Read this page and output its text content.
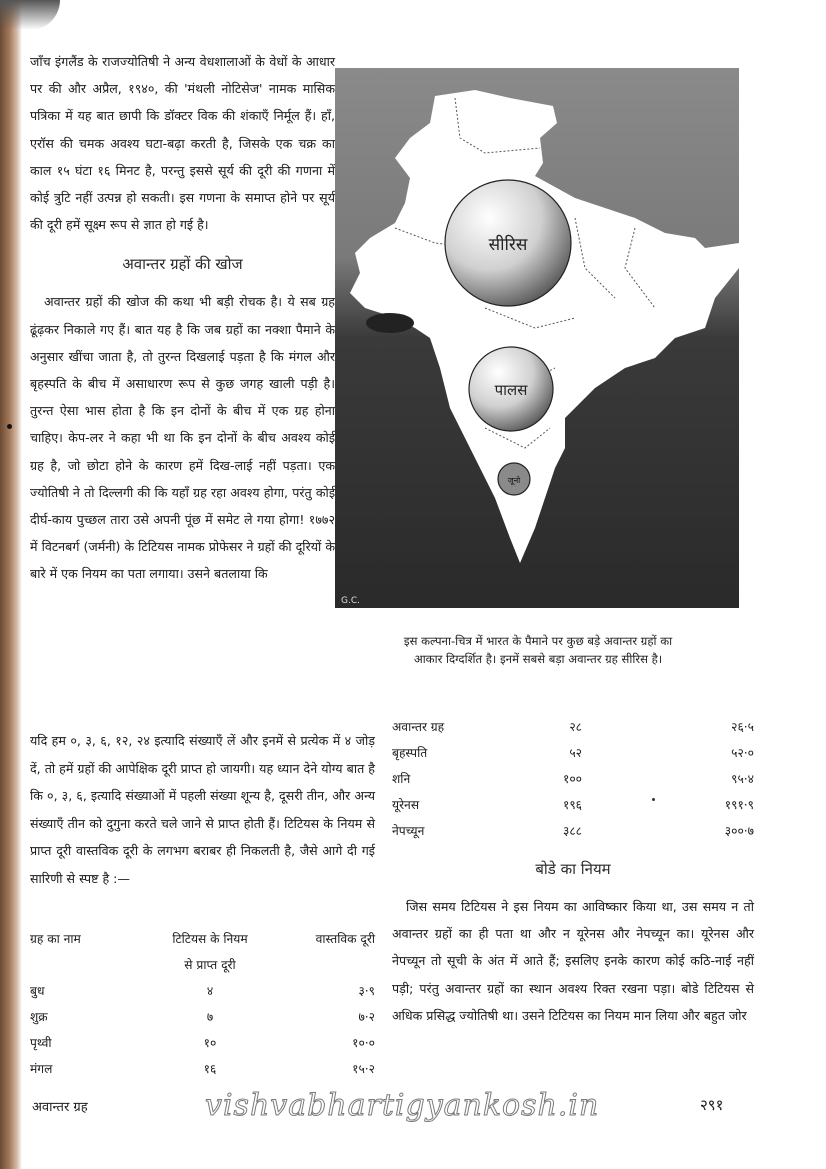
जाँच इंगलैंड के राजज्योतिषी ने अन्य वेधशालाओं के वेधों के आधार पर की और अप्रैल, १९४०, की 'मंथली नोटिसेज' नामक मासिक पत्रिका में यह बात छापी कि डॉक्टर विक की शंकाएँ निर्मूल हैं। हाँ, एरॉस की चमक अवश्य घटा-बढ़ा करती है, जिसके एक चक्र का काल १५ घंटा १६ मिनट है, परन्तु इससे सूर्य की दूरी की गणना में कोई त्रुटि नहीं उत्पन्न हो सकती। इस गणना के समाप्त होने पर सूर्य की दूरी हमें सूक्ष्म रूप से ज्ञात हो गई है।

अवान्तर ग्रहों की खोज

अवान्तर ग्रहों की खोज की कथा भी बड़ी रोचक है। ये सब ग्रह ढूंढ़कर निकाले गए हैं। बात यह है कि जब ग्रहों का नक्शा पैमाने के अनुसार खींचा जाता है, तो तुरन्त दिखलाई पड़ता है कि मंगल और बृहस्पति के बीच में असाधारण रूप से कुछ जगह खाली पड़ी है। तुरन्त ऐसा भास होता है कि इन दोनों के बीच में एक ग्रह होना चाहिए। केप-लर ने कहा भी था कि इन दोनों के बीच अवश्य कोई ग्रह है, जो छोटा होने के कारण हमें दिख-लाई नहीं पड़ता। एक ज्योतिषी ने तो दिल्लगी की कि यहाँ ग्रह रहा अवश्य होगा, परंतु कोई दीर्घ-काय पुच्छल तारा उसे अपनी पूंछ में समेट ले गया होगा! १७७२ में विटनबर्ग (जर्मनी) के टिटियस नामक प्रोफेसर ने ग्रहों की दूरियों के बारे में एक नियम का पता लगाया। उसने बतलाया कि

सीरिस
पालस
जूनो
G.C.
इस कल्पना-चित्र में भारत के पैमाने पर कुछ बड़े अवान्तर ग्रहों का
आकार दिग्दर्शित है। इनमें सबसे बड़ा अवान्तर ग्रह सीरिस है।

यदि हम ०, ३, ६, १२, २४ इत्यादि संख्याएँ लें और इनमें से प्रत्येक में ४ जोड़ दें, तो हमें ग्रहों की आपेक्षिक दूरी प्राप्त हो जायगी। यह ध्यान देने योग्य बात है कि ०, ३, ६, इत्यादि संख्याओं में पहली संख्या शून्य है, दूसरी तीन, और अन्य संख्याएँ तीन को दुगुना करते चले जाने से प्राप्त होती हैं। टिटियस के नियम से प्राप्त दूरी वास्तविक दूरी के लगभग बराबर ही निकलती है, जैसे आगे दी गई सारिणी से स्पष्ट है :—

ग्रह का नाम	टिटियस के नियम	वास्तविक दूरी
	से प्राप्त दूरी	
बुध	४	३·९
शुक्र	७	७·२
पृथ्वी	१०	१०·०
मंगल	१६	१५·२
अवान्तर ग्रह	२८	२६·५
बृहस्पति	५२	५२·०
शनि	१००	९५·४
यूरेनस	१९६	१९१·९
नेपच्यून	३८८	३००·७
बोडे का नियम

जिस समय टिटियस ने इस नियम का आविष्कार किया था, उस समय न तो अवान्तर ग्रहों का ही पता था और न यूरेनस और नेपच्यून का। यूरेनस और नेपच्यून तो सूची के अंत में आते हैं; इसलिए इनके कारण कोई कठि-नाई नहीं पड़ी; परंतु अवान्तर ग्रहों का स्थान अवश्य रिक्त रखना पड़ा। बोडे टिटियस से अधिक प्रसिद्ध ज्योतिषी था। उसने टिटियस का नियम मान लिया और बहुत जोर

अवान्तर ग्रह	vishvabhartigyankosh.in	२९१
